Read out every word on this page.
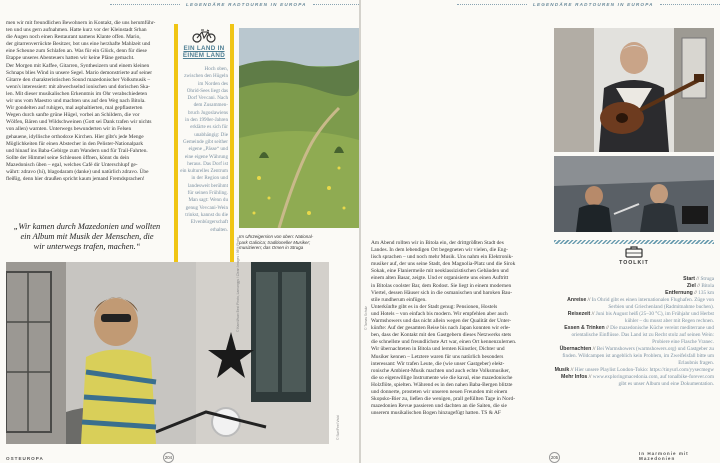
LEGENDÄRE RADTOUREN IN EUROPA
men wir mit freundlichen Bewohnern in Kontakt, die uns herumführ-
ten und uns gern aufnahmen. Hatte kurz vor der Kleinstadt Srhan
die Augen noch einen Restaurant namens Klante offen. Mario,
der gitarrenverrückte Besitzer, bot uns eine herzhafte Mahlzeit und
eine Scheune zum Schlafen an. Was für ein Glück, denn für diese
Etappe unseres Abenteuers hatten wir keine Pläne gemacht.
Der Morgen mit Kaffee, Gitarren, Synthesizern und einem kleinen
Schnaps blies Wind in unsere Segel. Mario demonstrierte auf seiner
Gitarre den charakteristischen Sound mazedonischer Volksmusik –
wenn's interessiert: mit abwechselnd ionischen und dorischen Ska-
len. Mit dieser musikalischen Erkenntnis im Ohr verabschiedeten
wir uns vom Maestro und machten uns auf den Weg nach Bitola.
Wir gondelten auf ruhigen, mal asphaltierten, mal gepflasterten
Wegen durch sanfte grüne Hügel, vorbei an Schildern, die vor
Wölfen, Bären und Wildschweinen (Gott sei Dank trafen wir nichts
von allen) warnten. Unterwegs bewunderten wir in Felsen
gehauene, idyllische orthodoxe Kirchen. Hier gibt's jede Menge
Möglichkeiten für einen Abstecher in den Pelister-Nationalpark
und hinauf ins Baba-Gebirge zum Wandern und für Trail-Fahrten.
Sollte der Himmel seine Schleusen öffnen, könnt du dein
Mazedonisch üben – egal, welches Café dir Unterschlupf ge-
währt: zdravo (hi), blagodaram (danke) und natürlich zdravo. Übe
fleißig, denn hier draußen spricht kaum jemand Fremdsprachen!
„Wir kamen durch Mazedonien und wollten
ein Album mit Musik der Menschen, die
wir unterwegs trafen, machen.“
EIN LAND IN
EINEM LAND
Hoch oben,
zwischen den Hügeln
im Norden des
Ohrid-Sees liegt das
Dorf Vevcani. Nach
dem Zusammen-
bruch Jugoslawiens
in den 1990er-Jahren
erklärte es sich für
unabhängig: Die
Gemeinde gibt seither
eigene „Pässe“ und
eine eigene Währung
heraus. Das Dorf ist
ein kulturelles Zentrum
in der Region und
landesweit berühmt
für seinen Frühling.
Man sagt: Wenn du
genug Vevcani-Wein
trinkst, kannst du die
Elvenbürgerschaft
erhalten.
Im Uhrzeigersinn von oben: National-
park Galicica; traditioneller Musiker;
musizieren; das Omen in Struga
© Sun/Feel Vivid
© Kamil/Ivan Best Photo, Lamunggs / Clean Images / 96% Photo
OSTEUROPA	204
LEGENDÄRE RADTOUREN IN EUROPA
Am Abend rollten wir in Bitola ein, der drittgrößten Stadt des
Landes. In dem lebendigen Ort begegneten wir vielen, die Eng-
lisch sprachen – und noch mehr Musik. Uns nahm ein Elektronik-
musiker auf, der uns seine Stadt, den Magnolia-Platz und die Sirok
Sokak, eine Flaniermeile mit neoklassizistischen Gebäuden und
einem alten Basar, zeigte. Und er organisierte uns einen Auftritt
in Bitolas coolster Bar, dem Rodost. Sie liegt in einem modernen
Viertel, dessen Häuser sich in die osmanischen und baroken Bau-
stile rundherum einfügen.
Unterkünfte gibt es in der Stadt genug: Pensionen, Hostels
und Hotels – von einfach bis modern. Wir empfehlen aber auch
Warmshowers und das nicht allein wegen der Qualität der Unter-
künfte: Auf der gesamten Reise bis nach Japan konnten wir erle-
ben, dass der Kontakt mit den Gastgebern dieses Netzwerks stets
die schnellste und freundlichste Art war, einen Ort kennenzulernen.
Wir übernachteten in Bitola und lernten Künstler, Dichter und
Musiker kennen – Letztere waren für uns natürlich besonders
interessant: Wir trafen Leute, die (wie unser Gastgeber) elekt-
ronische Ambient-Musik machten und auch echte Volksmusiker,
die so eigenwillige Instrumente wie die kaval, eine mazedonische
Holzflöte, spielten. Während es in den nahen Baba-Bergen blitzte
und donnerte, prosteten wir unseren neuen Freunden mit einem
Skopsko-Bier zu, ließen die wenigen, prall gefüllten Tage in Nord-
mazedonien Revue passieren und dachten an die Saiten, die sie
unserem musikalischen Bogen hinzugefügt hatten. TS & AF
TOOLKIT
Start // Struga
Ziel // Bitola
Entfernung // 135 km
Anreise // In Ohrid gibt es einen internationalen Flughafen. Züge von Serbien und Griechenland (Radmitnahme buchen).
Reisezeit // Juni bis August heiß (25–30 °C), im Frühjahr und Herbst kühler – du musst aber mit Regen rechnen.
Essen & Trinken // Die mazedonische Küche vereint mediterrane und orientalische Einflüsse. Das Land ist zu Recht stolz auf seinen Wein: Probiere eine Flasche Vranec.
Übernachten // Bei Warmshowers (warmshowers.org) und Gastgeber zu finden. Wildcampen ist angeblich kein Problem, im Zweifelsfall bitte um Erlaubnis fragen.
Musik // Hier unsere Playlist London-Tokio: https://tinyurl.com/yysecmegw
Mehr Infos // www.exploringmacedonia.com, auf tonalbike-forever.com gibt es unser Album und eine Dokumentation.
© Tamas Schulz
205
In Harmonie mit Mazedonien
